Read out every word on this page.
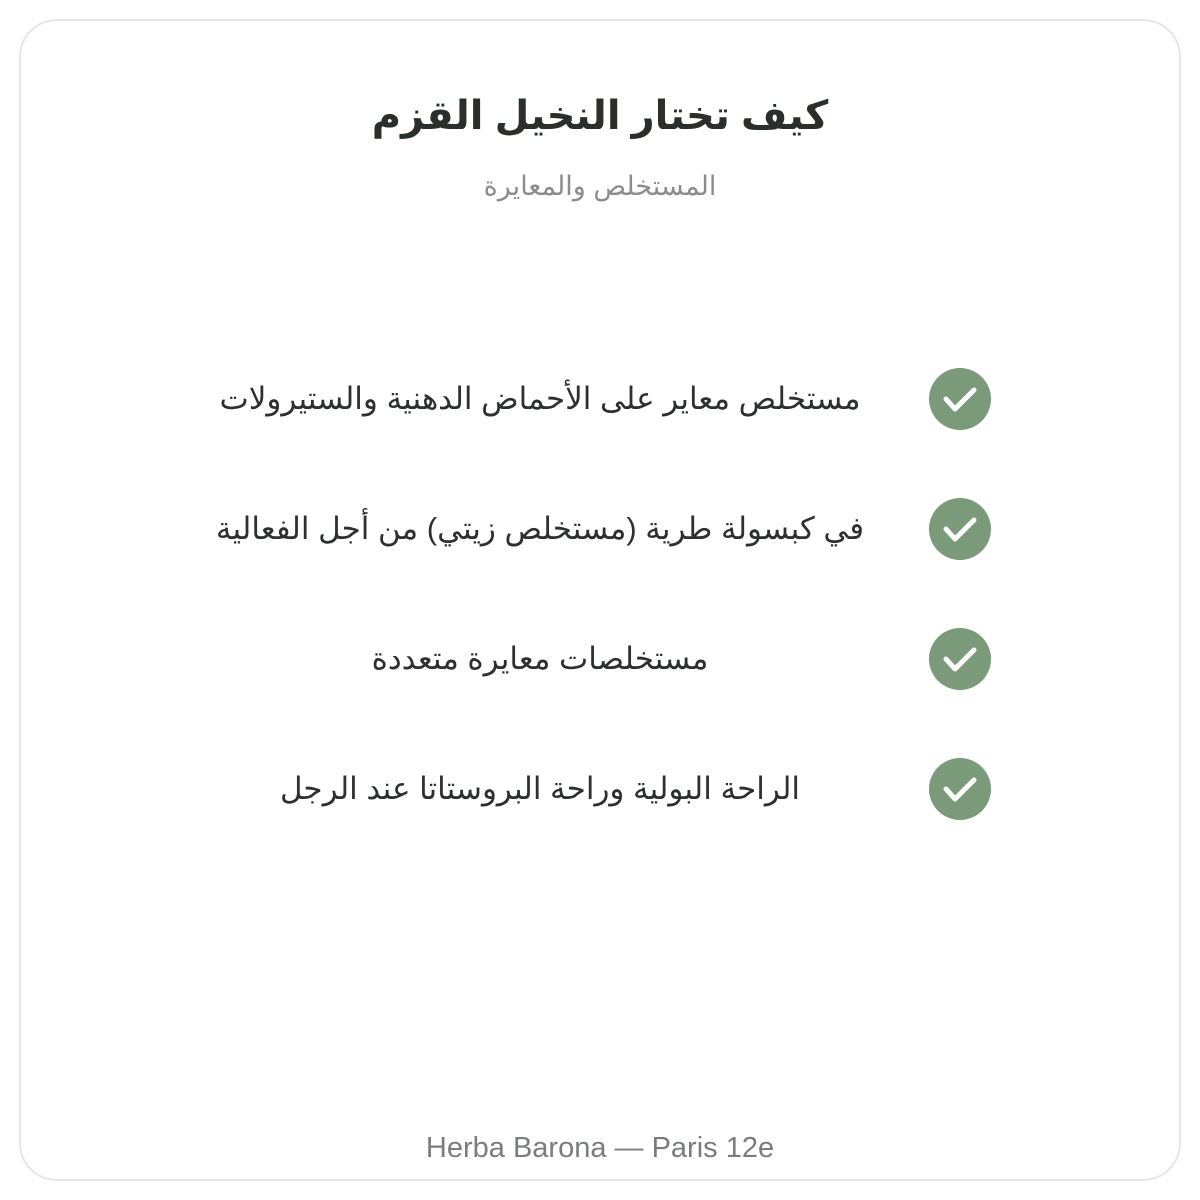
كيف تختار النخيل القزم
المستخلص والمعايرة
مستخلص معاير على الأحماض الدهنية والستيرولات
في كبسولة طرية (مستخلص زيتي) من أجل الفعالية
مستخلصات معايرة متعددة
الراحة البولية وراحة البروستاتا عند الرجل
Herba Barona — Paris 12e
